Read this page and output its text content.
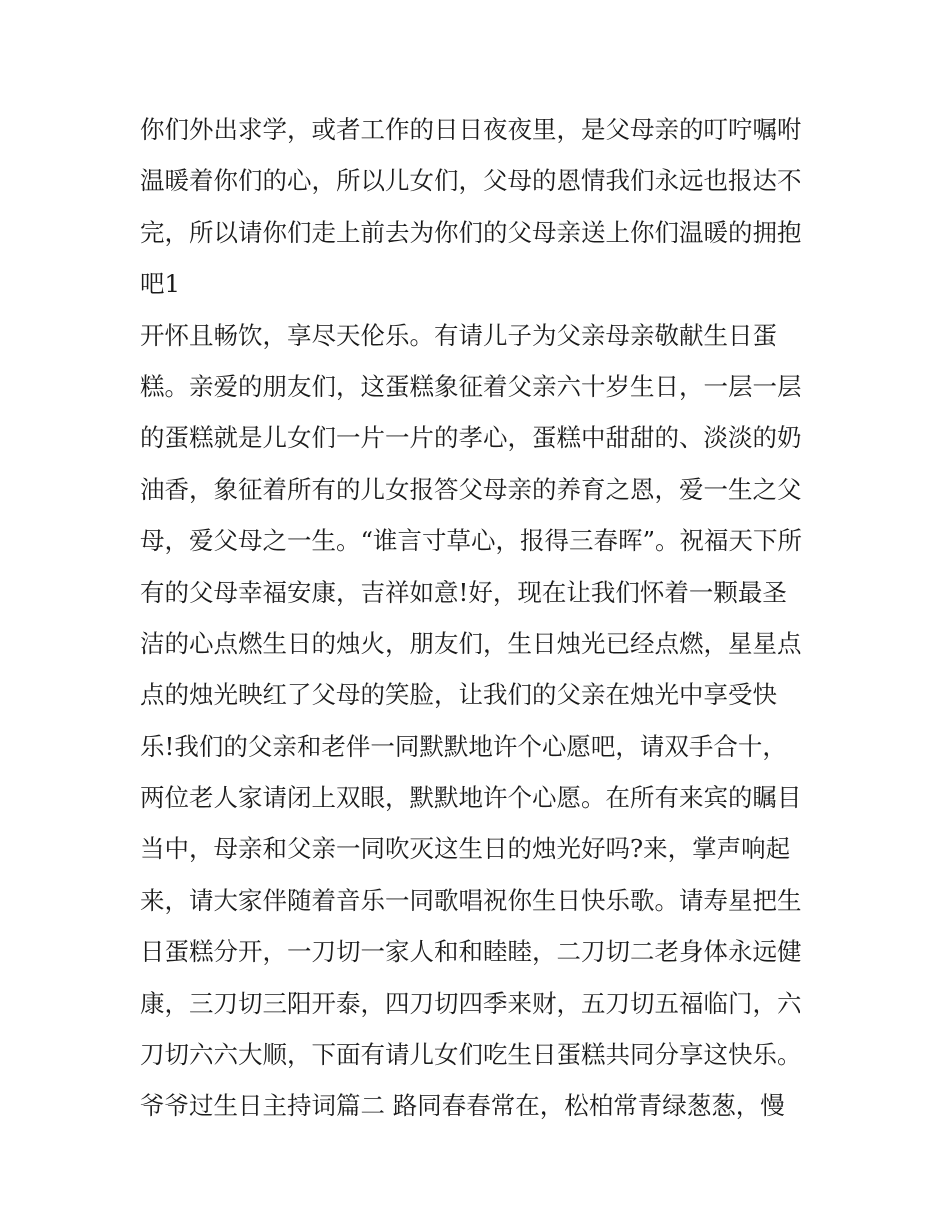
你们外出求学，或者工作的日日夜夜里，是父母亲的叮咛嘱咐
温暖着你们的心，所以儿女们，父母的恩情我们永远也报达不
完，所以请你们走上前去为你们的父母亲送上你们温暖的拥抱
吧1
开怀且畅饮，享尽天伦乐。有请儿子为父亲母亲敬献生日蛋
糕。亲爱的朋友们，这蛋糕象征着父亲六十岁生日，一层一层
的蛋糕就是儿女们一片一片的孝心，蛋糕中甜甜的、淡淡的奶
油香，象征着所有的儿女报答父母亲的养育之恩，爱一生之父
母，爱父母之一生。“谁言寸草心，报得三春晖”。祝福天下所
有的父母幸福安康，吉祥如意!好，现在让我们怀着一颗最圣
洁的心点燃生日的烛火，朋友们，生日烛光已经点燃，星星点
点的烛光映红了父母的笑脸，让我们的父亲在烛光中享受快
乐!我们的父亲和老伴一同默默地许个心愿吧，请双手合十，
两位老人家请闭上双眼，默默地许个心愿。在所有来宾的瞩目
当中，母亲和父亲一同吹灭这生日的烛光好吗?来，掌声响起
来，请大家伴随着音乐一同歌唱祝你生日快乐歌。请寿星把生
日蛋糕分开，一刀切一家人和和睦睦，二刀切二老身体永远健
康，三刀切三阳开泰，四刀切四季来财，五刀切五福临门，六
刀切六六大顺，下面有请儿女们吃生日蛋糕共同分享这快乐。
爷爷过生日主持词篇二 路同春春常在，松柏常青绿葱葱，慢
